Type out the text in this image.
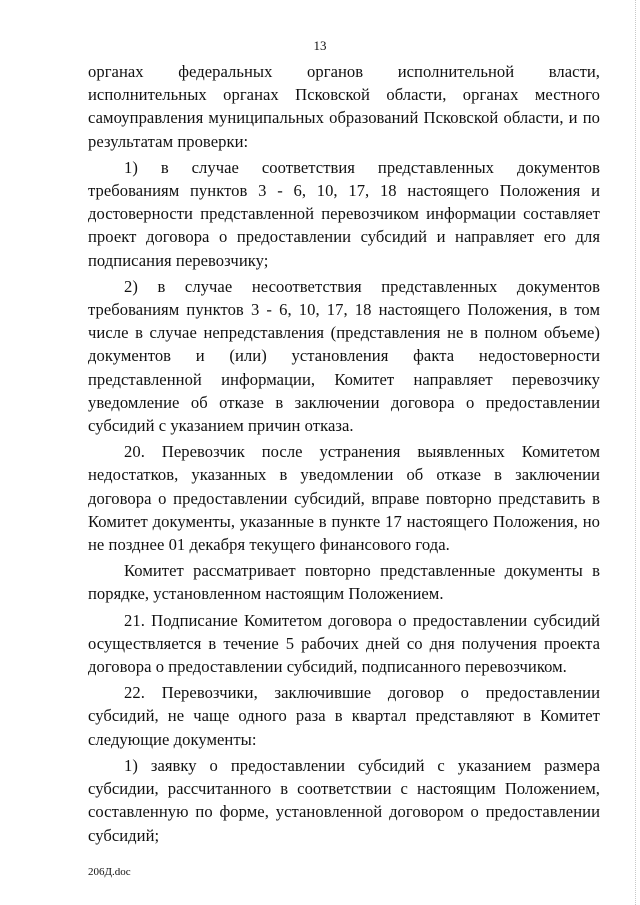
13

органах федеральных органов исполнительной власти, исполнительных органах Псковской области, органах местного самоуправления муниципальных образований Псковской области, и по результатам проверки:

1) в случае соответствия представленных документов требованиям пунктов 3 - 6, 10, 17, 18 настоящего Положения и достоверности представленной перевозчиком информации составляет проект договора о предоставлении субсидий и направляет его для подписания перевозчику;

2) в случае несоответствия представленных документов требованиям пунктов 3 - 6, 10, 17, 18 настоящего Положения, в том числе в случае непредставления (представления не в полном объеме) документов и (или) установления факта недостоверности представленной информации, Комитет направляет перевозчику уведомление об отказе в заключении договора о предоставлении субсидий с указанием причин отказа.

20. Перевозчик после устранения выявленных Комитетом недостатков, указанных в уведомлении об отказе в заключении договора о предоставлении субсидий, вправе повторно представить в Комитет документы, указанные в пункте 17 настоящего Положения, но не позднее 01 декабря текущего финансового года.

Комитет рассматривает повторно представленные документы в порядке, установленном настоящим Положением.

21. Подписание Комитетом договора о предоставлении субсидий осуществляется в течение 5 рабочих дней со дня получения проекта договора о предоставлении субсидий, подписанного перевозчиком.

22. Перевозчики, заключившие договор о предоставлении субсидий, не чаще одного раза в квартал представляют в Комитет следующие документы:

1) заявку о предоставлении субсидий с указанием размера субсидии, рассчитанного в соответствии с настоящим Положением, составленную по форме, установленной договором о предоставлении субсидий;

206Д.doc
